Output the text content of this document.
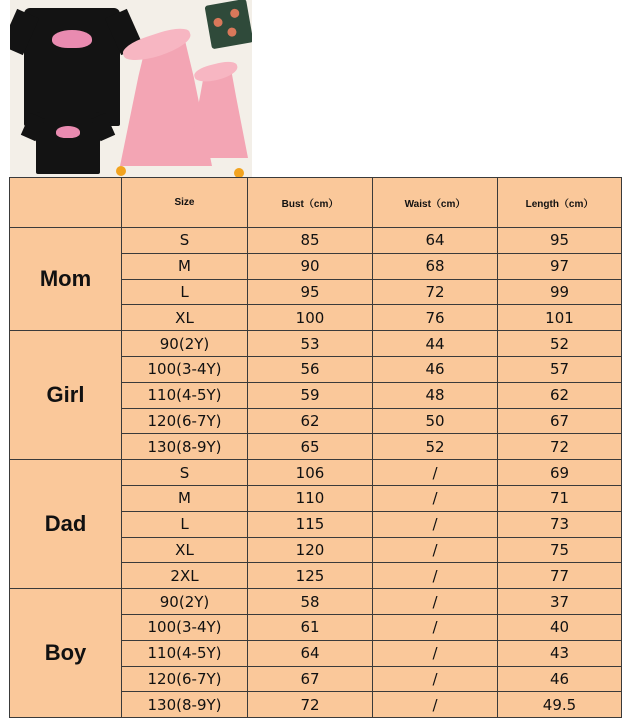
	Size	Bust（cm）	Waist（cm）	Length（cm）
Mom	S	85	64	95
	M	90	68	97
	L	95	72	99
	XL	100	76	101
Girl	90(2Y)	53	44	52
	100(3-4Y)	56	46	57
	110(4-5Y)	59	48	62
	120(6-7Y)	62	50	67
	130(8-9Y)	65	52	72
Dad	S	106	/	69
	M	110	/	71
	L	115	/	73
	XL	120	/	75
	2XL	125	/	77
Boy	90(2Y)	58	/	37
	100(3-4Y)	61	/	40
	110(4-5Y)	64	/	43
	120(6-7Y)	67	/	46
	130(8-9Y)	72	/	49.5
